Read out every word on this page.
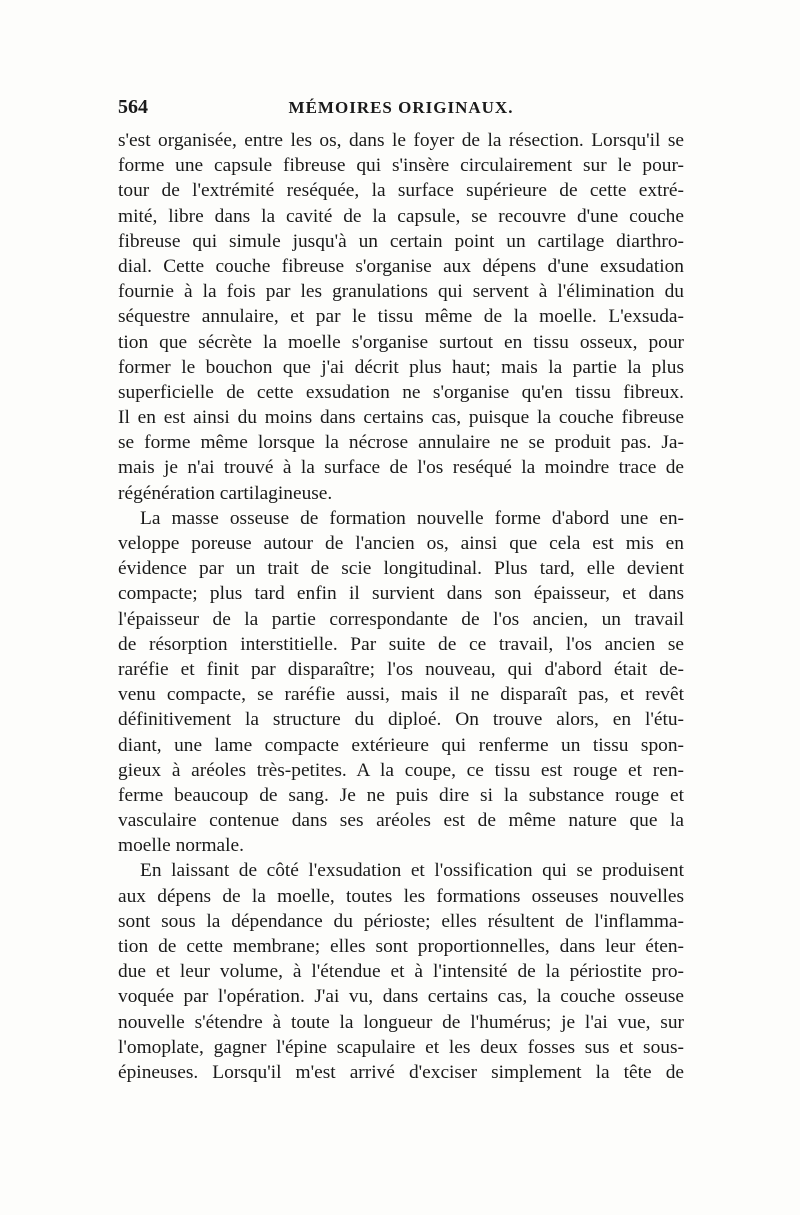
564	MÉMOIRES ORIGINAUX.
s'est organisée, entre les os, dans le foyer de la résection. Lorsqu'il se
forme une capsule fibreuse qui s'insère circulairement sur le pour-
tour de l'extrémité reséquée, la surface supérieure de cette extré-
mité, libre dans la cavité de la capsule, se recouvre d'une couche
fibreuse qui simule jusqu'à un certain point un cartilage diarthro-
dial. Cette couche fibreuse s'organise aux dépens d'une exsudation
fournie à la fois par les granulations qui servent à l'élimination du
séquestre annulaire, et par le tissu même de la moelle. L'exsuda-
tion que sécrète la moelle s'organise surtout en tissu osseux, pour
former le bouchon que j'ai décrit plus haut; mais la partie la plus
superficielle de cette exsudation ne s'organise qu'en tissu fibreux.
Il en est ainsi du moins dans certains cas, puisque la couche fibreuse
se forme même lorsque la nécrose annulaire ne se produit pas. Ja-
mais je n'ai trouvé à la surface de l'os reséqué la moindre trace de
régénération cartilagineuse.
La masse osseuse de formation nouvelle forme d'abord une en-
veloppe poreuse autour de l'ancien os, ainsi que cela est mis en
évidence par un trait de scie longitudinal. Plus tard, elle devient
compacte; plus tard enfin il survient dans son épaisseur, et dans
l'épaisseur de la partie correspondante de l'os ancien, un travail
de résorption interstitielle. Par suite de ce travail, l'os ancien se
raréfie et finit par disparaître; l'os nouveau, qui d'abord était de-
venu compacte, se raréfie aussi, mais il ne disparaît pas, et revêt
définitivement la structure du diploé. On trouve alors, en l'étu-
diant, une lame compacte extérieure qui renferme un tissu spon-
gieux à aréoles très-petites. A la coupe, ce tissu est rouge et ren-
ferme beaucoup de sang. Je ne puis dire si la substance rouge et
vasculaire contenue dans ses aréoles est de même nature que la
moelle normale.
En laissant de côté l'exsudation et l'ossification qui se produisent
aux dépens de la moelle, toutes les formations osseuses nouvelles
sont sous la dépendance du périoste; elles résultent de l'inflamma-
tion de cette membrane; elles sont proportionnelles, dans leur éten-
due et leur volume, à l'étendue et à l'intensité de la périostite pro-
voquée par l'opération. J'ai vu, dans certains cas, la couche osseuse
nouvelle s'étendre à toute la longueur de l'humérus; je l'ai vue, sur
l'omoplate, gagner l'épine scapulaire et les deux fosses sus et sous-
épineuses. Lorsqu'il m'est arrivé d'exciser simplement la tête de
